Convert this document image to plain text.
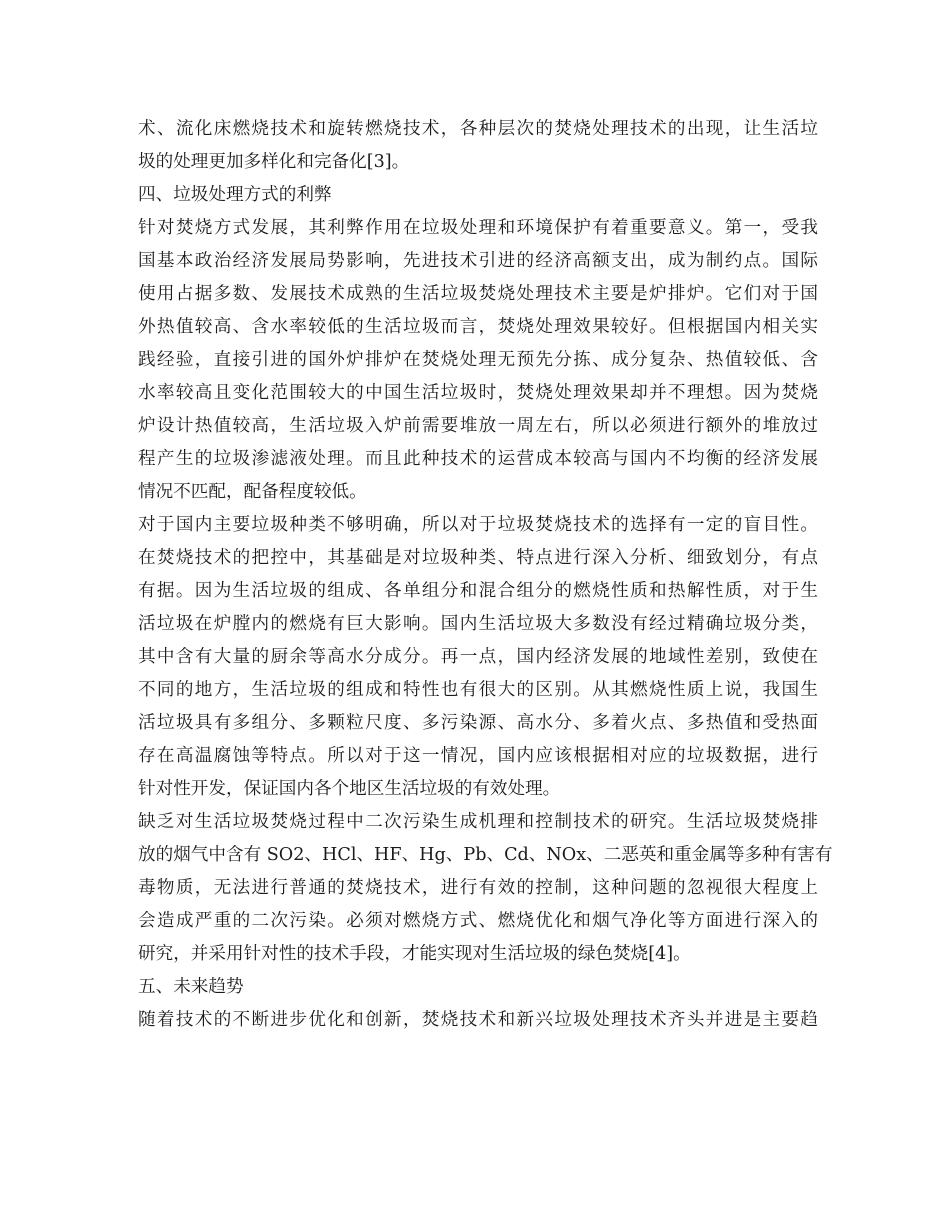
术、流化床燃烧技术和旋转燃烧技术，各种层次的焚烧处理技术的出现，让生活垃
圾的处理更加多样化和完备化[3]。
四、垃圾处理方式的利弊
针对焚烧方式发展，其利弊作用在垃圾处理和环境保护有着重要意义。第一，受我
国基本政治经济发展局势影响，先进技术引进的经济高额支出，成为制约点。国际
使用占据多数、发展技术成熟的生活垃圾焚烧处理技术主要是炉排炉。它们对于国
外热值较高、含水率较低的生活垃圾而言，焚烧处理效果较好。但根据国内相关实
践经验，直接引进的国外炉排炉在焚烧处理无预先分拣、成分复杂、热值较低、含
水率较高且变化范围较大的中国生活垃圾时，焚烧处理效果却并不理想。因为焚烧
炉设计热值较高，生活垃圾入炉前需要堆放一周左右，所以必须进行额外的堆放过
程产生的垃圾渗滤液处理。而且此种技术的运营成本较高与国内不均衡的经济发展
情况不匹配，配备程度较低。
对于国内主要垃圾种类不够明确，所以对于垃圾焚烧技术的选择有一定的盲目性。
在焚烧技术的把控中，其基础是对垃圾种类、特点进行深入分析、细致划分，有点
有据。因为生活垃圾的组成、各单组分和混合组分的燃烧性质和热解性质，对于生
活垃圾在炉膛内的燃烧有巨大影响。国内生活垃圾大多数没有经过精确垃圾分类，
其中含有大量的厨余等高水分成分。再一点，国内经济发展的地域性差别，致使在
不同的地方，生活垃圾的组成和特性也有很大的区别。从其燃烧性质上说，我国生
活垃圾具有多组分、多颗粒尺度、多污染源、高水分、多着火点、多热值和受热面
存在高温腐蚀等特点。所以对于这一情况，国内应该根据相对应的垃圾数据，进行
针对性开发，保证国内各个地区生活垃圾的有效处理。
缺乏对生活垃圾焚烧过程中二次污染生成机理和控制技术的研究。生活垃圾焚烧排
放的烟气中含有 SO2、HCl、HF、Hg、Pb、Cd、NOx、二恶英和重金属等多种有害有
毒物质，无法进行普通的焚烧技术，进行有效的控制，这种问题的忽视很大程度上
会造成严重的二次污染。必须对燃烧方式、燃烧优化和烟气净化等方面进行深入的
研究，并采用针对性的技术手段，才能实现对生活垃圾的绿色焚烧[4]。
五、未来趋势
随着技术的不断进步优化和创新，焚烧技术和新兴垃圾处理技术齐头并进是主要趋
